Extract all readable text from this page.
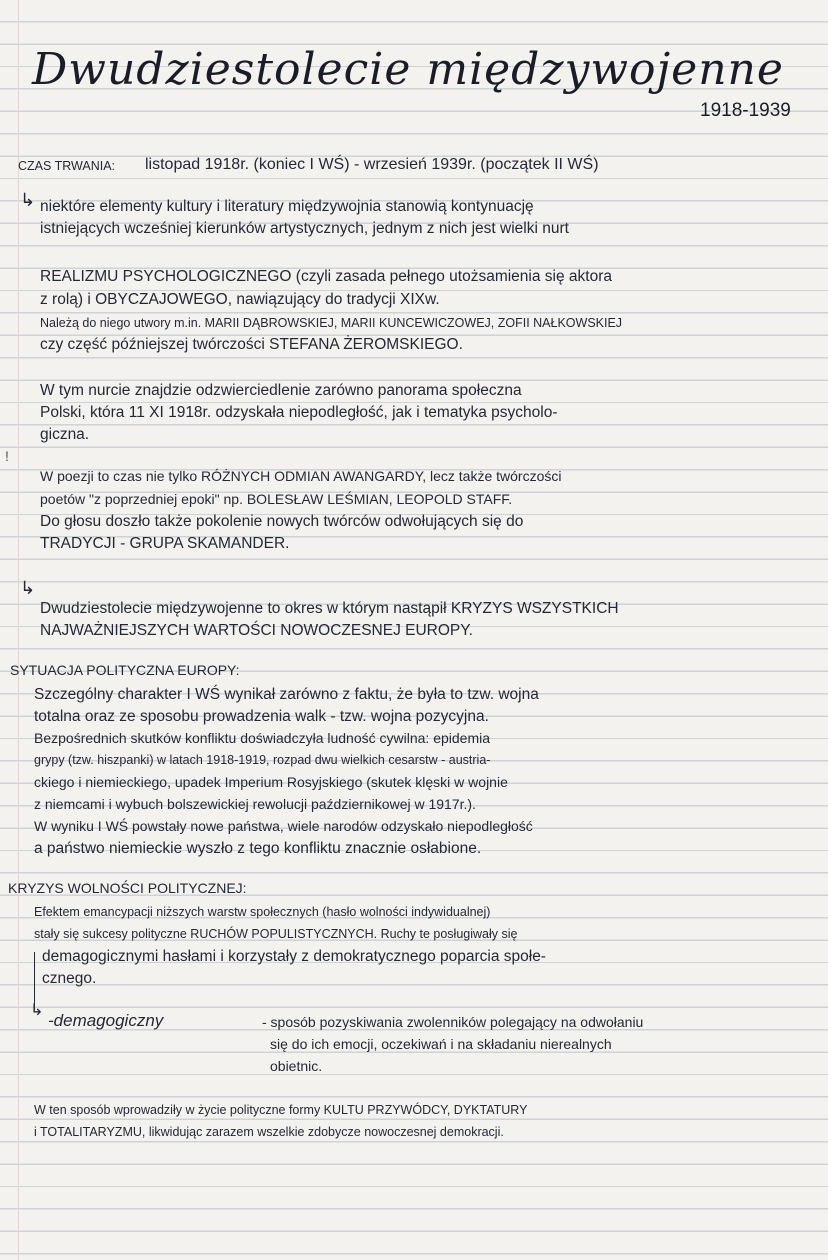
Dwudziestolecie międzywojenne
1918-1939
CZAS TRWANIA: listopad 1918r. (koniec I WŚ) - wrzesień 1939r. (początek II WŚ)
↳ niektóre elementy kultury i literatury międzywojnia stanowią kontynuację
istniejących wcześniej kierunków artystycznych, jednym z nich jest wielki nurt
REALIZMU PSYCHOLOGICZNEGO (czyli zasada pełnego utożsamienia się aktora
z rolą) i OBYCZAJOWEGO, nawiązujący do tradycji XIXw.
Należą do niego utwory m.in. MARII DĄBROWSKIEJ, MARII KUNCEWICZOWEJ, ZOFII NAŁKOWSKIEJ
czy część późniejszej twórczości STEFANA ŻEROMSKIEGO.
W tym nurcie znajdzie odzwierciedlenie zarówno panorama społeczna
Polski, która 11 XI 1918r. odzyskała niepodległość, jak i tematyka psycholo-
giczna.
!
W poezji to czas nie tylko RÓŻNYCH ODMIAN AWANGARDY, lecz także twórczości
poetów "z poprzedniej epoki" np. BOLESŁAW LEŚMIAN, LEOPOLD STAFF.
Do głosu doszło także pokolenie nowych twórców odwołujących się do
TRADYCJI - GRUPA SKAMANDER.
↳
Dwudziestolecie międzywojenne to okres w którym nastąpił KRYZYS WSZYSTKICH
NAJWAŻNIEJSZYCH WARTOŚCI NOWOCZESNEJ EUROPY.
SYTUACJA POLITYCZNA EUROPY:
Szczególny charakter I WŚ wynikał zarówno z faktu, że była to tzw. wojna
totalna oraz ze sposobu prowadzenia walk - tzw. wojna pozycyjna.
Bezpośrednich skutków konfliktu doświadczyła ludność cywilna: epidemia
grypy (tzw. hiszpanki) w latach 1918-1919, rozpad dwu wielkich cesarstw - austria-
ckiego i niemieckiego, upadek Imperium Rosyjskiego (skutek klęski w wojnie
z niemcami i wybuch bolszewickiej rewolucji październikowej w 1917r.).
W wyniku I WŚ powstały nowe państwa, wiele narodów odzyskało niepodległość
a państwo niemieckie wyszło z tego konfliktu znacznie osłabione.
KRYZYS WOLNOŚCI POLITYCZNEJ:
Efektem emancypacji niższych warstw społecznych (hasło wolności indywidualnej)
stały się sukcesy polityczne RUCHÓW POPULISTYCZNYCH. Ruchy te posługiwały się
demagogicznymi hasłami i korzystały z demokratycznego poparcia społe-
cznego.
↳
-demagogiczny	- sposób pozyskiwania zwolenników polegający na odwołaniu
się do ich emocji, oczekiwań i na składaniu nierealnych
obietnic.
W ten sposób wprowadziły w życie polityczne formy KULTU PRZYWÓDCY, DYKTATURY
i TOTALITARYZMU, likwidując zarazem wszelkie zdobycze nowoczesnej demokracji.
